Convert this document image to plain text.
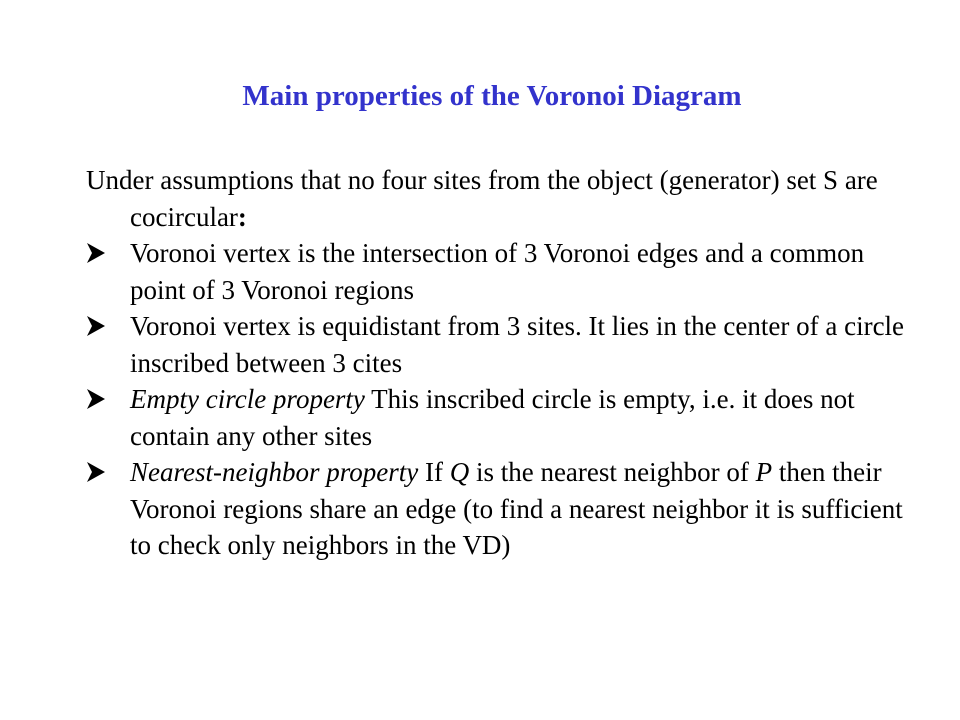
Main properties of the Voronoi Diagram

Under assumptions that no four sites from the object (generator) set S are cocircular:

Voronoi vertex is the intersection of 3 Voronoi edges and a common point of 3 Voronoi regions

Voronoi vertex is equidistant from 3 sites. It lies in the center of a circle inscribed between 3 cites

Empty circle property This inscribed circle is empty, i.e. it does not contain any other sites

Nearest-neighbor property If Q is the nearest neighbor of P then their Voronoi regions share an edge (to find a nearest neighbor it is sufficient to check only neighbors in the VD)
